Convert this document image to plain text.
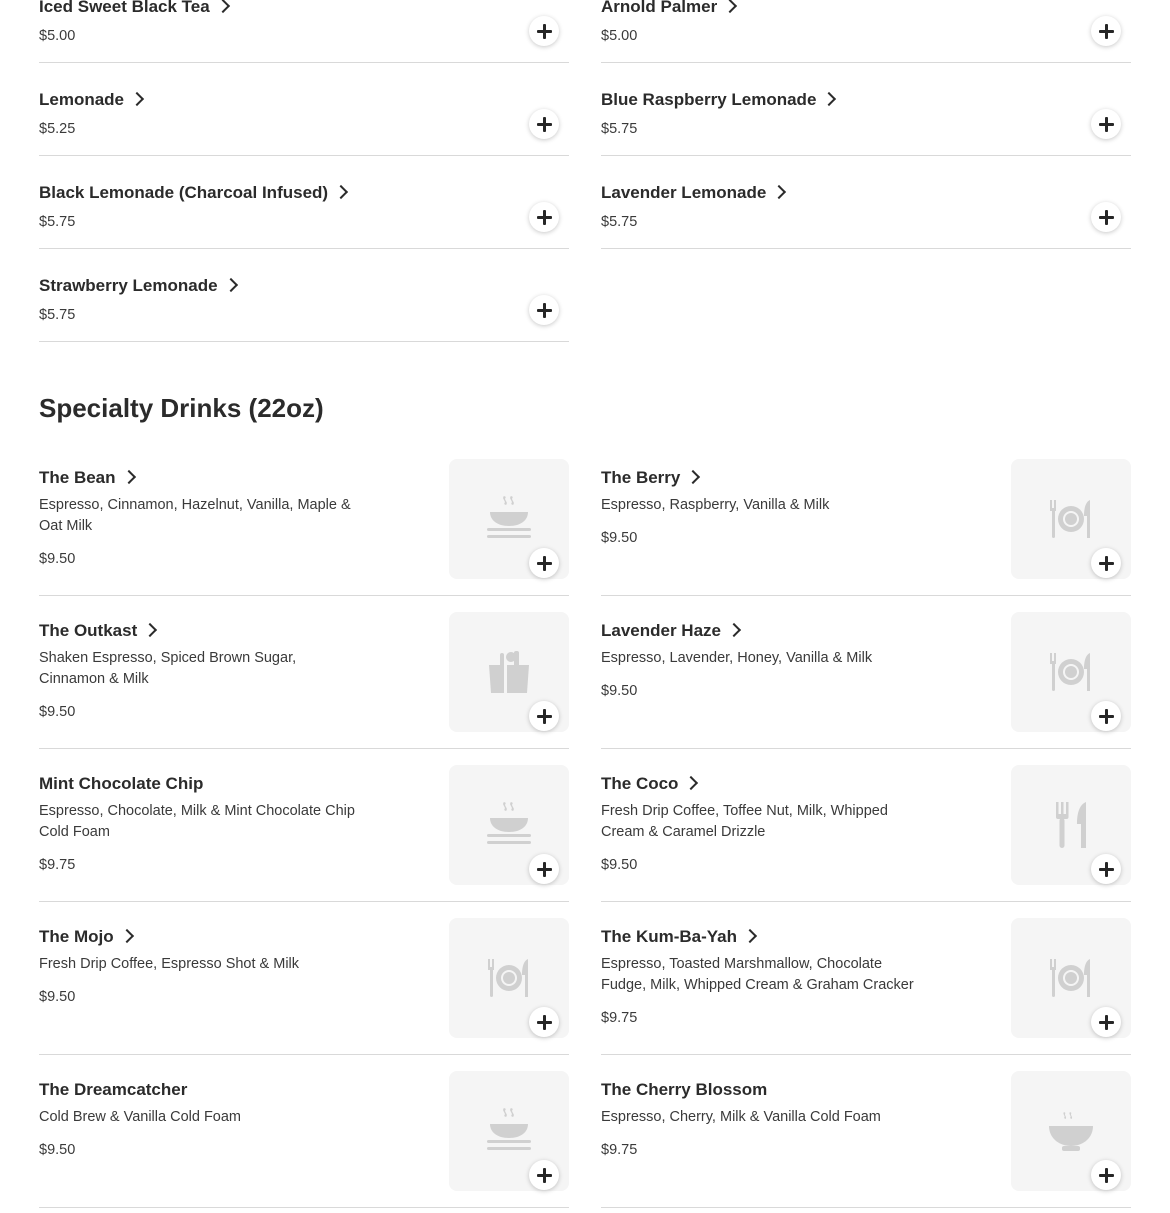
Iced Sweet Black Tea
$5.00
Arnold Palmer
$5.00
Lemonade
$5.25
Blue Raspberry Lemonade
$5.75
Black Lemonade (Charcoal Infused)
$5.75
Lavender Lemonade
$5.75
Strawberry Lemonade
$5.75
Specialty Drinks (22oz)
The Bean
Espresso, Cinnamon, Hazelnut, Vanilla, Maple & Oat Milk
$9.50
The Berry
Espresso, Raspberry, Vanilla & Milk
$9.50
The Outkast
Shaken Espresso, Spiced Brown Sugar, Cinnamon & Milk
$9.50
Lavender Haze
Espresso, Lavender, Honey, Vanilla & Milk
$9.50
Mint Chocolate Chip
Espresso, Chocolate, Milk & Mint Chocolate Chip Cold Foam
$9.75
The Coco
Fresh Drip Coffee, Toffee Nut, Milk, Whipped Cream & Caramel Drizzle
$9.50
The Mojo
Fresh Drip Coffee, Espresso Shot & Milk
$9.50
The Kum-Ba-Yah
Espresso, Toasted Marshmallow, Chocolate Fudge, Milk, Whipped Cream & Graham Cracker
$9.75
The Dreamcatcher
Cold Brew & Vanilla Cold Foam
$9.50
The Cherry Blossom
Espresso, Cherry, Milk & Vanilla Cold Foam
$9.75
